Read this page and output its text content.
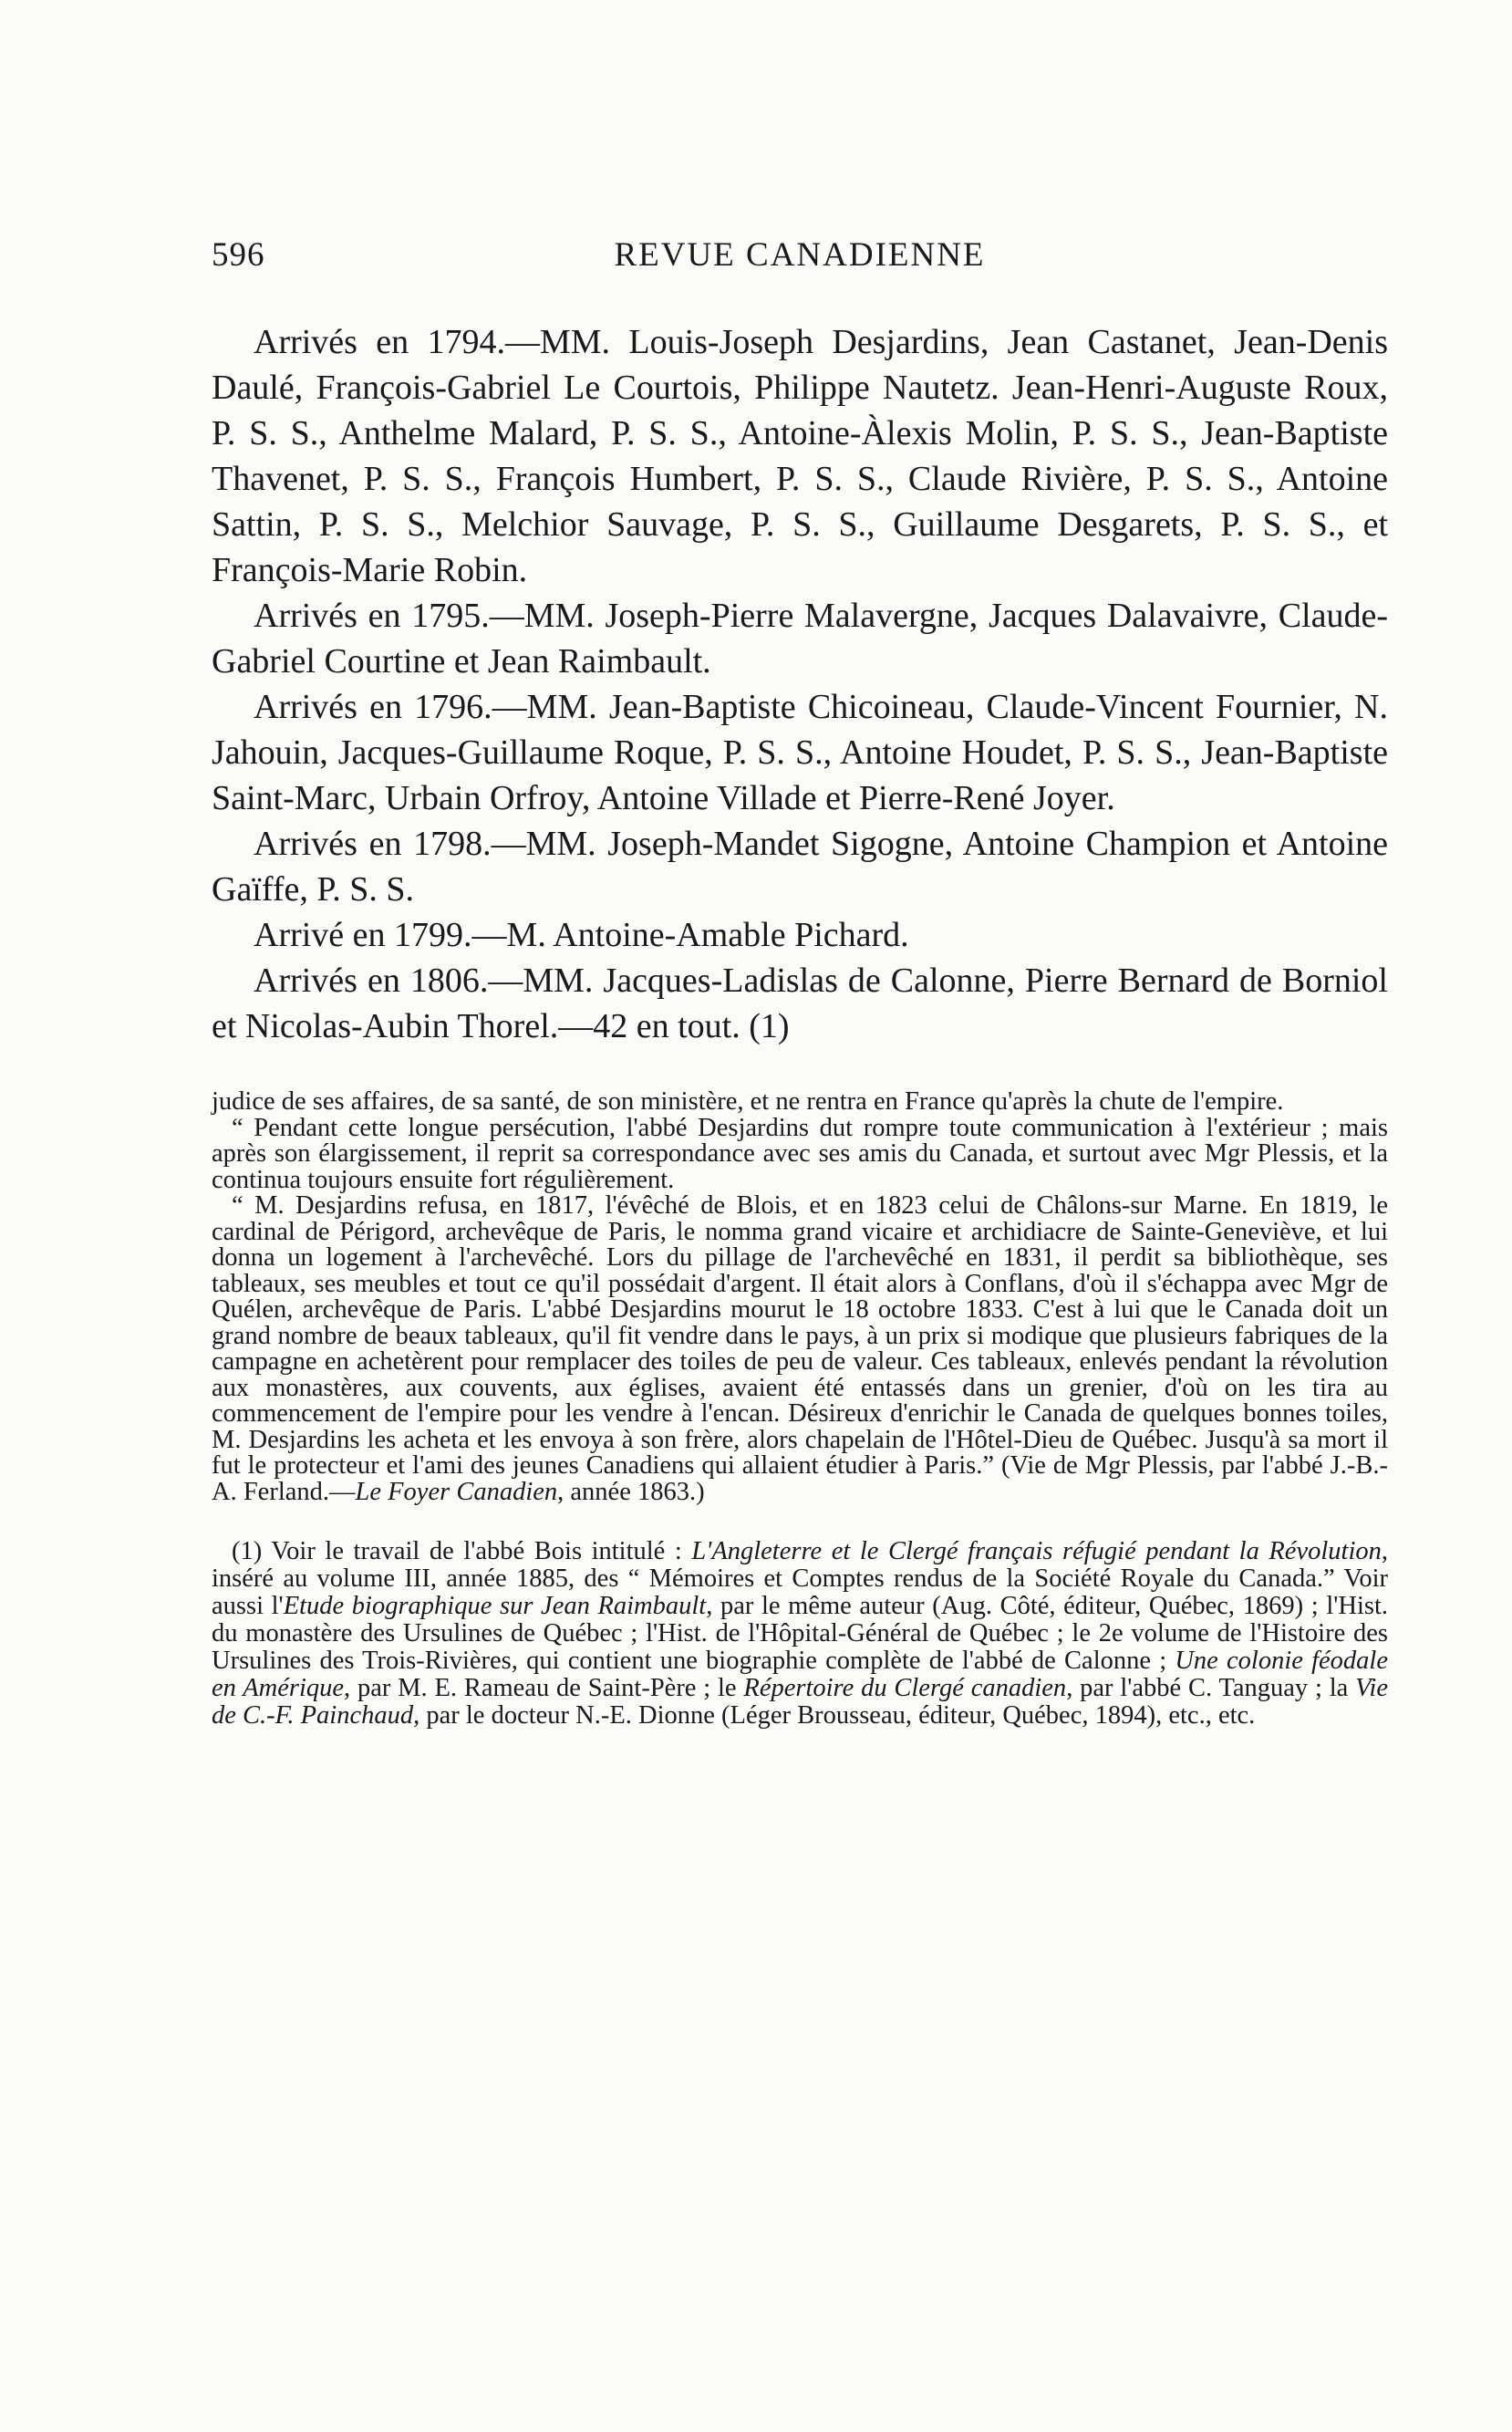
596	REVUE CANADIENNE

Arrivés en 1794.—MM. Louis-Joseph Desjardins, Jean Castanet, Jean-Denis Daulé, François-Gabriel Le Courtois, Philippe Nautetz. Jean-Henri-Auguste Roux, P. S. S., Anthelme Malard, P. S. S., Antoine-Àlexis Molin, P. S. S., Jean-Baptiste Thavenet, P. S. S., François Humbert, P. S. S., Claude Rivière, P. S. S., Antoine Sattin, P. S. S., Melchior Sauvage, P. S. S., Guillaume Desgarets, P. S. S., et François-Marie Robin.

Arrivés en 1795.—MM. Joseph-Pierre Malavergne, Jacques Dalavaivre, Claude-Gabriel Courtine et Jean Raimbault.

Arrivés en 1796.—MM. Jean-Baptiste Chicoineau, Claude-Vincent Fournier, N. Jahouin, Jacques-Guillaume Roque, P. S. S., Antoine Houdet, P. S. S., Jean-Baptiste Saint-Marc, Urbain Orfroy, Antoine Villade et Pierre-René Joyer.

Arrivés en 1798.—MM. Joseph-Mandet Sigogne, Antoine Champion et Antoine Gaïffe, P. S. S.

Arrivé en 1799.—M. Antoine-Amable Pichard.

Arrivés en 1806.—MM. Jacques-Ladislas de Calonne, Pierre Bernard de Borniol et Nicolas-Aubin Thorel.—42 en tout. (1)

judice de ses affaires, de sa santé, de son ministère, et ne rentra en France qu'après la chute de l'empire.

“ Pendant cette longue persécution, l'abbé Desjardins dut rompre toute communication à l'extérieur ; mais après son élargissement, il reprit sa correspondance avec ses amis du Canada, et surtout avec Mgr Plessis, et la continua toujours ensuite fort régulièrement.

“ M. Desjardins refusa, en 1817, l'évêché de Blois, et en 1823 celui de Châlons-sur Marne. En 1819, le cardinal de Périgord, archevêque de Paris, le nomma grand vicaire et archidiacre de Sainte-Geneviève, et lui donna un logement à l'archevêché. Lors du pillage de l'archevêché en 1831, il perdit sa bibliothèque, ses tableaux, ses meubles et tout ce qu'il possédait d'argent. Il était alors à Conflans, d'où il s'échappa avec Mgr de Quélen, archevêque de Paris. L'abbé Desjardins mourut le 18 octobre 1833. C'est à lui que le Canada doit un grand nombre de beaux tableaux, qu'il fit vendre dans le pays, à un prix si modique que plusieurs fabriques de la campagne en achetèrent pour remplacer des toiles de peu de valeur. Ces tableaux, enlevés pendant la révolution aux monastères, aux couvents, aux églises, avaient été entassés dans un grenier, d'où on les tira au commencement de l'empire pour les vendre à l'encan. Désireux d'enrichir le Canada de quelques bonnes toiles, M. Desjardins les acheta et les envoya à son frère, alors chapelain de l'Hôtel-Dieu de Québec. Jusqu'à sa mort il fut le protecteur et l'ami des jeunes Canadiens qui allaient étudier à Paris.” (Vie de Mgr Plessis, par l'abbé J.-B.-A. Ferland.—Le Foyer Canadien, année 1863.)

(1) Voir le travail de l'abbé Bois intitulé : L'Angleterre et le Clergé français réfugié pendant la Révolution, inséré au volume III, année 1885, des “ Mémoires et Comptes rendus de la Société Royale du Canada.” Voir aussi l'Etude biographique sur Jean Raimbault, par le même auteur (Aug. Côté, éditeur, Québec, 1869) ; l'Hist. du monastère des Ursulines de Québec ; l'Hist. de l'Hôpital-Général de Québec ; le 2e volume de l'Histoire des Ursulines des Trois-Rivières, qui contient une biographie complète de l'abbé de Calonne ; Une colonie féodale en Amérique, par M. E. Rameau de Saint-Père ; le Répertoire du Clergé canadien, par l'abbé C. Tanguay ; la Vie de C.-F. Painchaud, par le docteur N.-E. Dionne (Léger Brousseau, éditeur, Québec, 1894), etc., etc.
